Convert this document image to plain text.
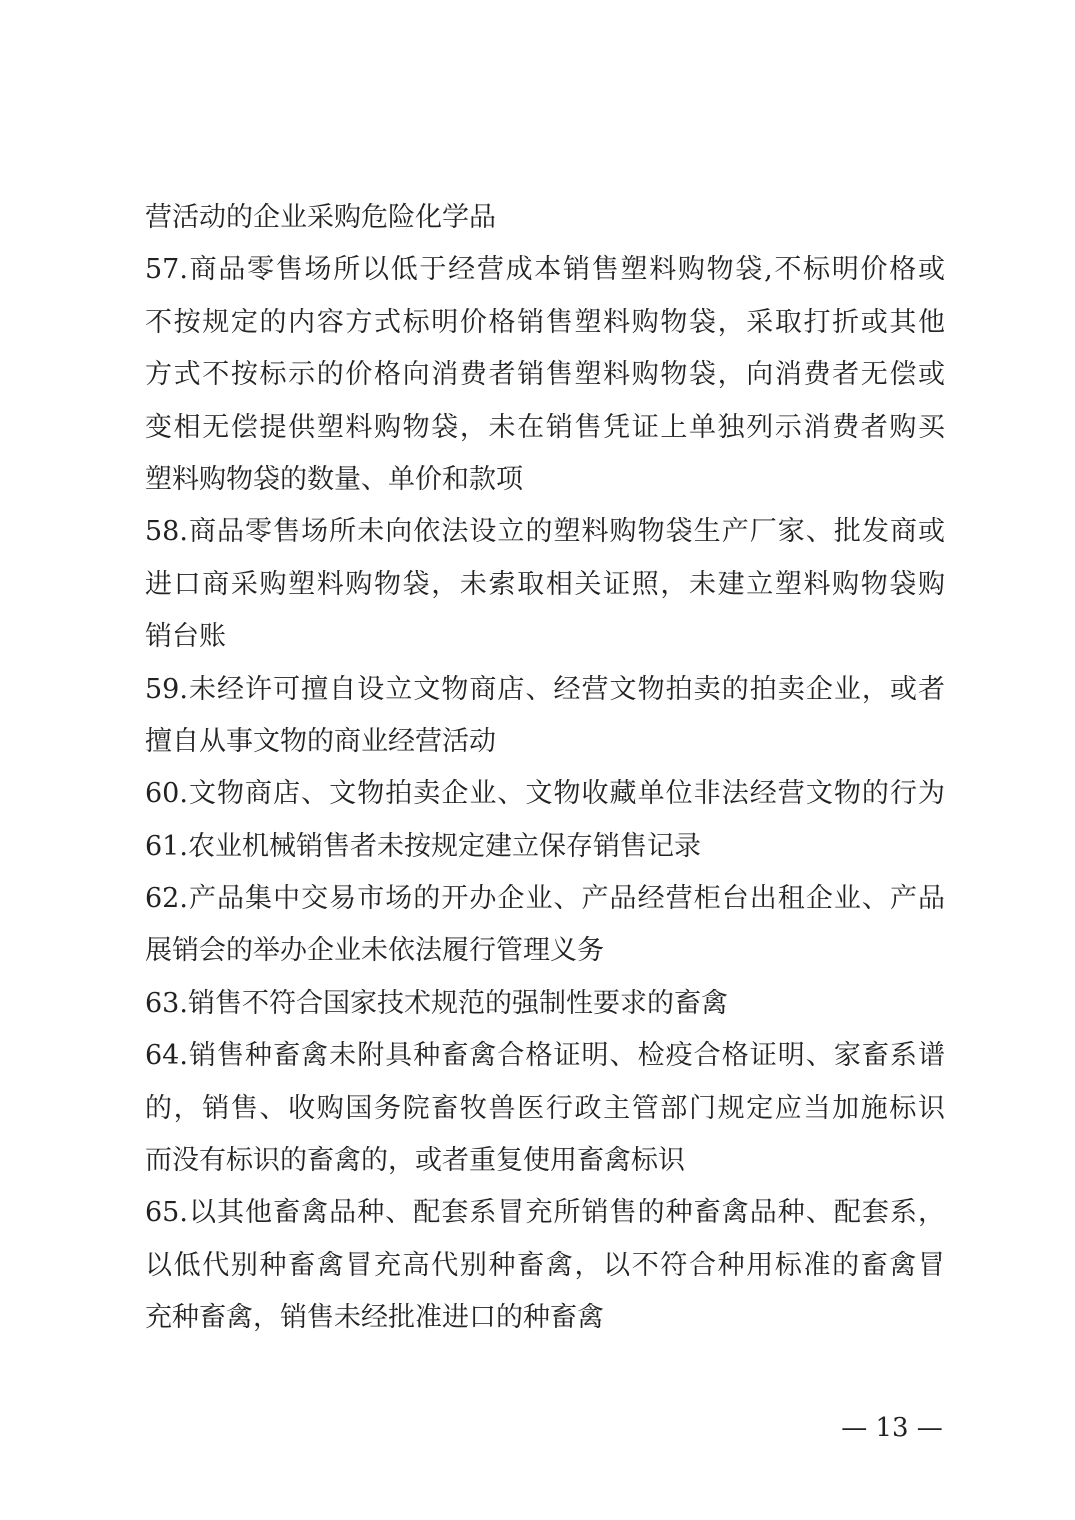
营活动的企业采购危险化学品
57.商品零售场所以低于经营成本销售塑料购物袋,不标明价格或
不按规定的内容方式标明价格销售塑料购物袋，采取打折或其他
方式不按标示的价格向消费者销售塑料购物袋，向消费者无偿或
变相无偿提供塑料购物袋，未在销售凭证上单独列示消费者购买
塑料购物袋的数量、单价和款项
58.商品零售场所未向依法设立的塑料购物袋生产厂家、批发商或
进口商采购塑料购物袋，未索取相关证照，未建立塑料购物袋购
销台账
59.未经许可擅自设立文物商店、经营文物拍卖的拍卖企业，或者
擅自从事文物的商业经营活动
60.文物商店、文物拍卖企业、文物收藏单位非法经营文物的行为
61.农业机械销售者未按规定建立保存销售记录
62.产品集中交易市场的开办企业、产品经营柜台出租企业、产品
展销会的举办企业未依法履行管理义务
63.销售不符合国家技术规范的强制性要求的畜禽
64.销售种畜禽未附具种畜禽合格证明、检疫合格证明、家畜系谱
的，销售、收购国务院畜牧兽医行政主管部门规定应当加施标识
而没有标识的畜禽的，或者重复使用畜禽标识
65.以其他畜禽品种、配套系冒充所销售的种畜禽品种、配套系，
以低代别种畜禽冒充高代别种畜禽，以不符合种用标准的畜禽冒
充种畜禽，销售未经批准进口的种畜禽
— 13 —
